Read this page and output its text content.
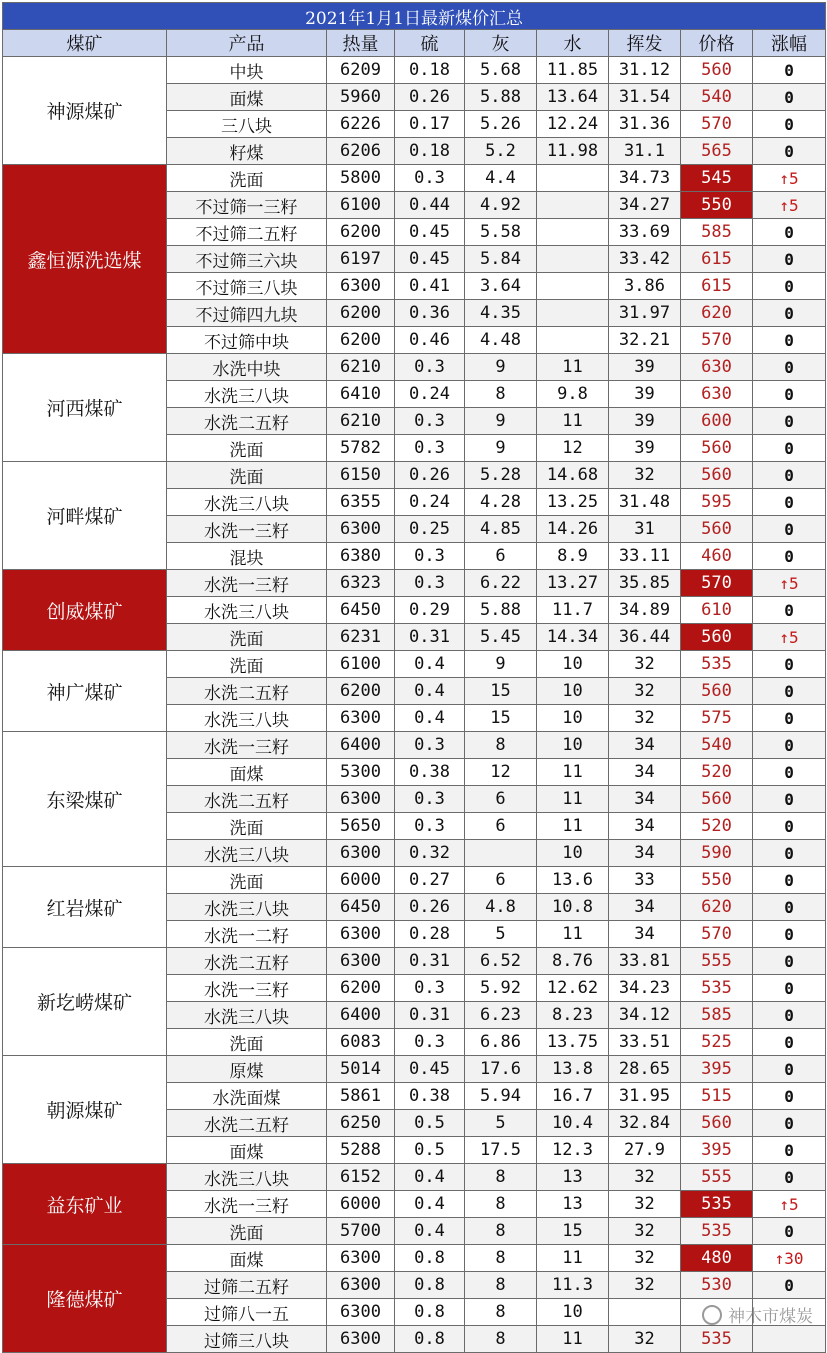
2021年1月1日最新煤价汇总								
煤矿	产品	热量	硫	灰	水	挥发	价格	涨幅
神源煤矿	中块	6209	0.18	5.68	11.85	31.12	560	0
	面煤	5960	0.26	5.88	13.64	31.54	540	0
	三八块	6226	0.17	5.26	12.24	31.36	570	0
	籽煤	6206	0.18	5.2	11.98	31.1	565	0
鑫恒源洗选煤	洗面	5800	0.3	4.4		34.73	545	↑5
	不过筛一三籽	6100	0.44	4.92		34.27	550	↑5
	不过筛二五籽	6200	0.45	5.58		33.69	585	0
	不过筛三六块	6197	0.45	5.84		33.42	615	0
	不过筛三八块	6300	0.41	3.64		3.86	615	0
	不过筛四九块	6200	0.36	4.35		31.97	620	0
	不过筛中块	6200	0.46	4.48		32.21	570	0
河西煤矿	水洗中块	6210	0.3	9	11	39	630	0
	水洗三八块	6410	0.24	8	9.8	39	630	0
	水洗二五籽	6210	0.3	9	11	39	600	0
	洗面	5782	0.3	9	12	39	560	0
河畔煤矿	洗面	6150	0.26	5.28	14.68	32	560	0
	水洗三八块	6355	0.24	4.28	13.25	31.48	595	0
	水洗一三籽	6300	0.25	4.85	14.26	31	560	0
	混块	6380	0.3	6	8.9	33.11	460	0
创威煤矿	水洗一三籽	6323	0.3	6.22	13.27	35.85	570	↑5
	水洗三八块	6450	0.29	5.88	11.7	34.89	610	0
	洗面	6231	0.31	5.45	14.34	36.44	560	↑5
神广煤矿	洗面	6100	0.4	9	10	32	535	0
	水洗二五籽	6200	0.4	15	10	32	560	0
	水洗三八块	6300	0.4	15	10	32	575	0
东梁煤矿	水洗一三籽	6400	0.3	8	10	34	540	0
	面煤	5300	0.38	12	11	34	520	0
	水洗二五籽	6300	0.3	6	11	34	560	0
	洗面	5650	0.3	6	11	34	520	0
	水洗三八块	6300	0.32		10	34	590	0
红岩煤矿	洗面	6000	0.27	6	13.6	33	550	0
	水洗三八块	6450	0.26	4.8	10.8	34	620	0
	水洗一二籽	6300	0.28	5	11	34	570	0
新圪崂煤矿	水洗二五籽	6300	0.31	6.52	8.76	33.81	555	0
	水洗一三籽	6200	0.3	5.92	12.62	34.23	535	0
	水洗三八块	6400	0.31	6.23	8.23	34.12	585	0
	洗面	6083	0.3	6.86	13.75	33.51	525	0
朝源煤矿	原煤	5014	0.45	17.6	13.8	28.65	395	0
	水洗面煤	5861	0.38	5.94	16.7	31.95	515	0
	水洗二五籽	6250	0.5	5	10.4	32.84	560	0
	面煤	5288	0.5	17.5	12.3	27.9	395	0
益东矿业	水洗三八块	6152	0.4	8	13	32	555	0
	水洗一三籽	6000	0.4	8	13	32	535	↑5
	洗面	5700	0.4	8	15	32	535	0
隆德煤矿	面煤	6300	0.8	8	11	32	480	↑30
	过筛二五籽	6300	0.8	8	11.3	32	530	0
	过筛八一五	6300	0.8	8	10			
	过筛三八块	6300	0.8	8	11	32	535	
神木市煤炭
